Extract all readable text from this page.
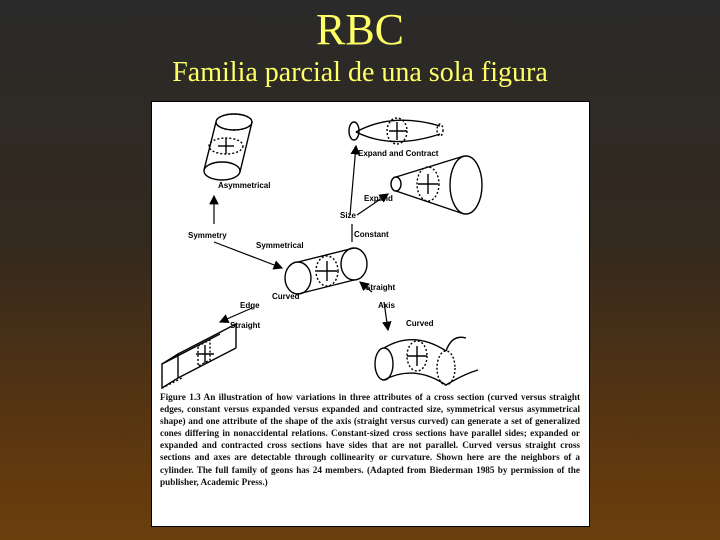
RBC
Familia parcial de una sola figura
Asymmetrical
Expand and Contract
Expand
Size
Symmetry
Symmetrical
Constant
Straight
Axis
Curved
Edge
Curved
Straight
Figure 1.3 An illustration of how variations in three attributes of a cross section (curved versus straight edges, constant versus expanded versus expanded and contracted size, symmetrical versus asymmetrical shape) and one attribute of the shape of the axis (straight versus curved) can generate a set of generalized cones differing in nonaccidental relations. Constant-sized cross sections have parallel sides; expanded or expanded and contracted cross sections have sides that are not parallel. Curved versus straight cross sections and axes are detectable through collinearity or curvature. Shown here are the neighbors of a cylinder. The full family of geons has 24 members. (Adapted from Biederman 1985 by permission of the publisher, Academic Press.)
